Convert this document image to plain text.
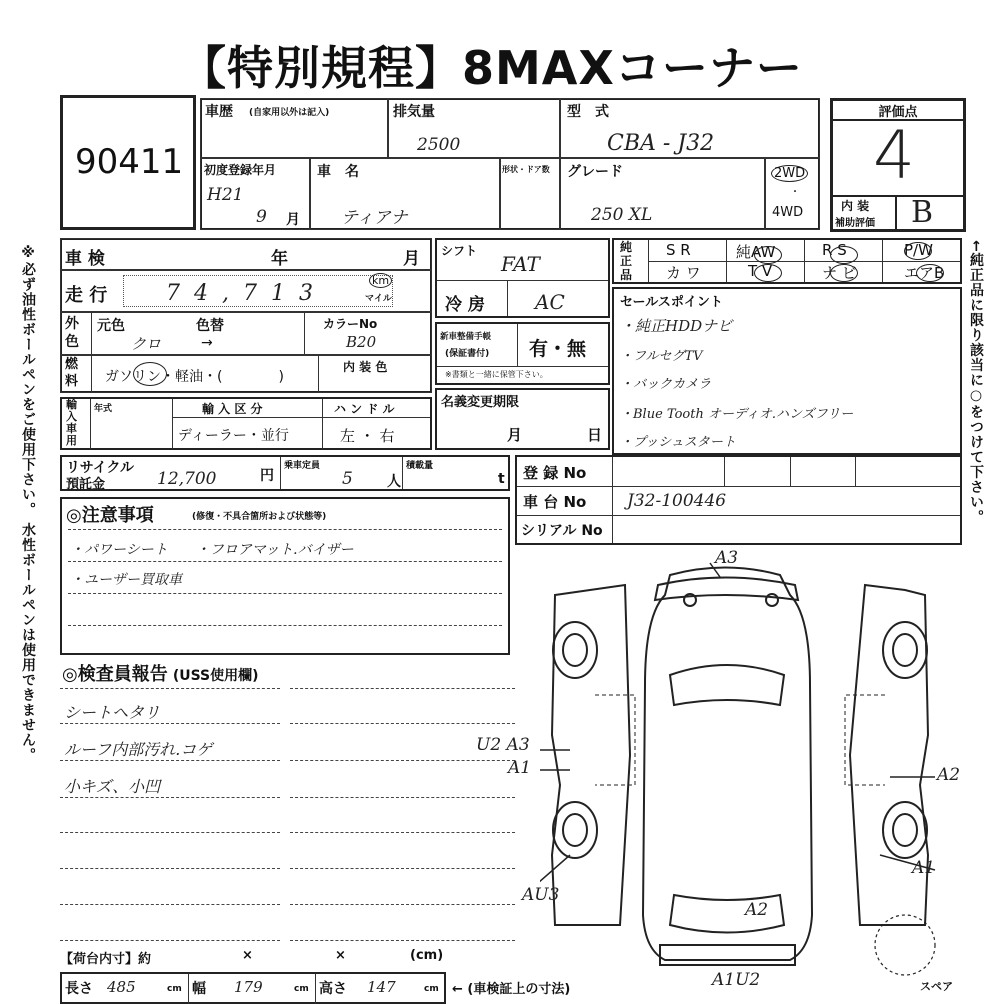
【特別規程】8MAXコーナー
※必ず油性ボールペンをご使用下さい。 水性ボールペンは使用できません。	←純正品に限り該当に○をつけて下さい。
90411
車歴 (自家用以外は記入)	排気量
2500
型　式
CBA - J32
初度登録年月
H21
9 月
車　名
ティアナ
形状・ドア数 グレード
250 XL
2WD
・
4WD
評価点
4
内 装
補助評価 B
車 検	年	月
走 行	74,713
km
マイル
外色
元色	色替
クロ	→
カラーNo
B20
燃料 ガソリン・軽油・(　　　　)
内 装 色
輸入車用
年式	輸 入 区 分
ディーラー・並行
ハ ン ド ル
左 ・ 右
シフト
FAT
冷 房	AC
新車整備手帳
(保証書付) 有・無
※書類と一緒に保管下さい。
名義変更期限
月	日
純正品
S R	純AW	R S	P/W
カ ワ	T V	ナ ビ	エアB
セールスポイント
・純正HDDナビ
・フルセグTV
・バックカメラ
・Blue Tooth オーディオ.ハンズフリー
・プッシュスタート
リサイクル
預託金	12,700	円
乗車定員
5 人
積載量
t 登 録 No
車 台 No J32-100446
シリアル No
◎注意事項	(修復・不具合箇所および状態等)
・パワーシート　　・フロアマット.バイザー
・ユーザー買取車
◎検査員報告 (USS使用欄)
シートヘタリ
ルーフ内部汚れ.コゲ
小キズ、小凹
A3
U2 A3
A1	A2
A1
AU3
A2
A1U2	スペア
【荷台内寸】約	×	×	(cm)
長さ 485	cm 幅 179	cm 高さ 147	cm ← (車検証上の寸法)
